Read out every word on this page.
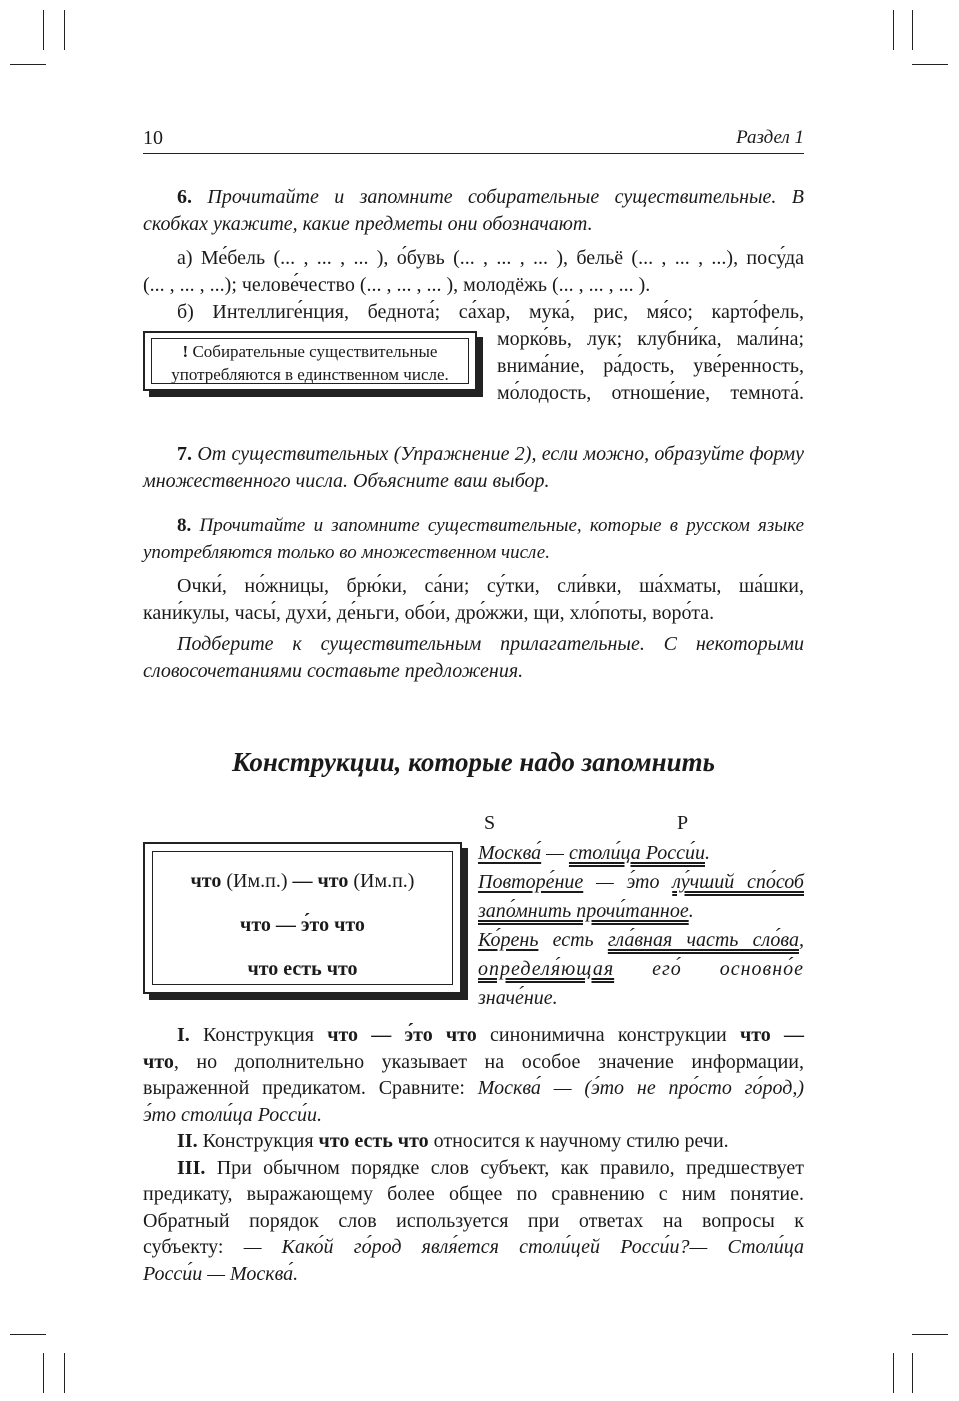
10	Раздел 1

6. Прочитайте и запомните собирательные существительные. В скобках укажите, какие предметы они обозначают.

а) Ме́бель (... , ... , ... ), о́бувь (... , ... , ... ), бельё (... , ... , ...), посу́да

(... , ... , ...); челове́чество (... , ... , ... ), молодёжь (... , ... , ... ).

б) Интеллиге́нция, беднота́; са́хар, мука́, рис, мя́со; карто́фель,

! Собирательные существительные
употребляются в единственном числе.
морко́вь, лук; клубни́ка, мали́на;
внима́ние, ра́дость, уве́ренность,
мо́лодость, отноше́ние, темнота́.

7. От существительных (Упражнение 2), если можно, образуйте форму множественного числа. Объясните ваш выбор.

8. Прочитайте и запомните существительные, которые в русском языке употребляются только во множественном числе.

Очки́, но́жницы, брю́ки, са́ни; су́тки, сли́вки, ша́хматы, ша́шки, кани́кулы, часы́, духи́, де́ньги, обо́и, дро́жжи, щи, хло́поты, воро́та.

Подберите к существительным прилагательные. С некоторыми словосочетаниями составьте предложения.

Конструкции, которые надо запомнить
что (Им.п.) — что (Им.п.)
что — э́то что
что есть что
S	P
Москва́ — столи́ца Росси́и.
Повторе́ние — э́то лу́чший спо́соб
запо́мнить прочи́танное.
Ко́рень есть гла́вная часть сло́ва,
определя́ющая его́ основно́е
значе́ние.
I. Конструкция что — э́то что синонимична конструкции что —
что, но дополнительно указывает на особое значение информации,
выраженной предикатом. Сравните: Москва́ — (э́то не про́сто го́род,)
э́то столи́ца Росси́и.
II. Конструкция что есть что относится к научному стилю речи.
III. При обычном порядке слов субъект, как правило, предшествует
предикату, выражающему более общее по сравнению с ним понятие.
Обратный порядок слов используется при ответах на вопросы к
субъекту: — Како́й го́род явля́ется столи́цей Росси́и?— Столи́ца
Росси́и — Москва́.
